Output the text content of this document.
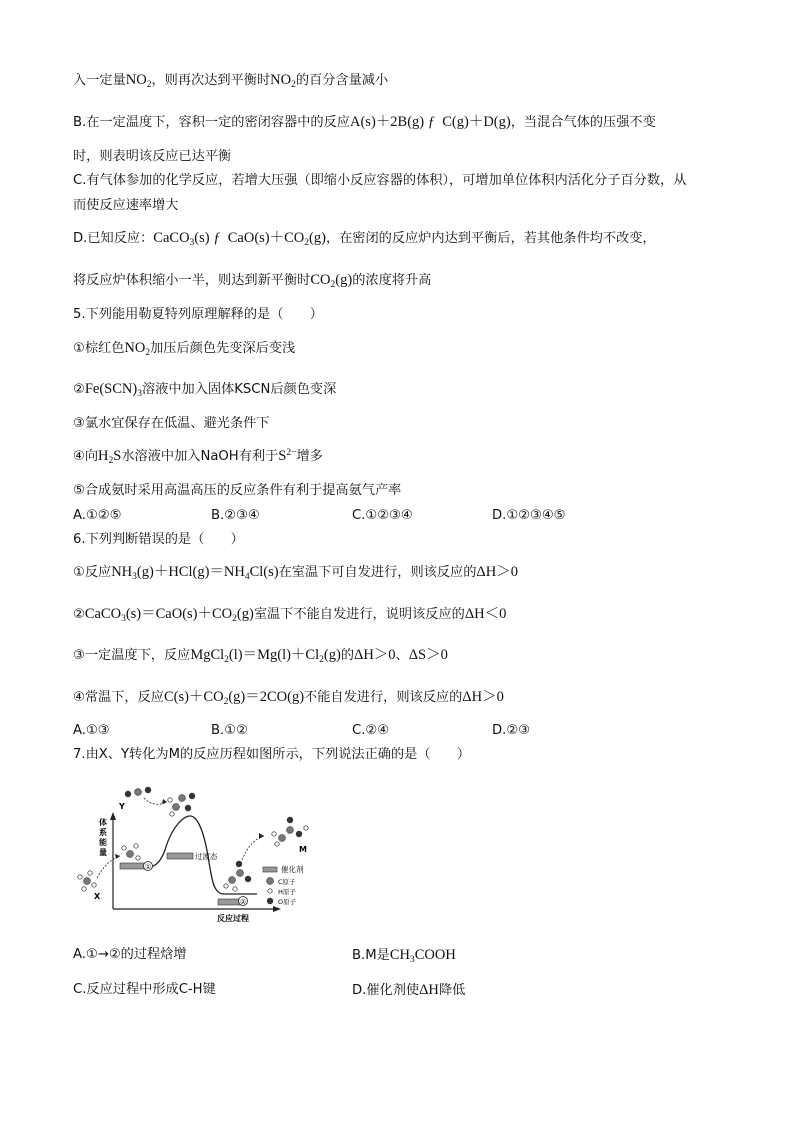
入一定量$NO_2$，则再次达到平衡时$NO_2$的百分含量减小
B.在一定温度下，容积一定的密闭容器中的反应A(s)＋2B(g) ƒ  C(g)＋D(g)，当混合气体的压强不变
时，则表明该反应已达平衡
C.有气体参加的化学反应，若增大压强（即缩小反应容器的体积），可增加单位体积内活化分子百分数，从
而使反应速率增大
D.已知反应：CaCO$_3$(s) ƒ  $CaO(s)+CO_2(g)$，在密闭的反应炉内达到平衡后，若其他条件均不改变，
将反应炉体积缩小一半，则达到新平衡时$CO_2(g)$的浓度将升高
5.下列能用勒夏特列原理解释的是（　　）
①棕红色$NO_2$加压后颜色先变深后变浅
$②Fe(SCN)_3$溶液中加入固体KSCN后颜色变深
③氯水宜保存在低温、避光条件下
④向$H_2S$水溶液中加入NaOH有利于$S^{2-}$增多
⑤合成氨时采用高温高压的反应条件有利于提高氨气产率
A.①②⑤	B.②③④	C.①②③④	D.①②③④⑤
6.下列判断错误的是（　　）
①反应$NH_3(g)+HCl(g)=NH_4Cl(s)$在室温下可自发进行，则该反应的ΔH＞0
$②CaCO_3(s)=CaO(s)+CO_2(g)$室温下不能自发进行，说明该反应的ΔH＜0
③一定温度下，反应$MgCl_2(l)=Mg(l)+Cl_2(g)$的ΔH＞0、ΔS＞0
④常温下，反应$C(s)+CO_2(g)=2CO(g)$不能自发进行，则该反应的ΔH＞0
A.①③	B.①②	C.②④	D.②③
7.由X、Y转化为M的反应历程如图所示，下列说法正确的是（　　）
体
系
能
量
反应过程
①
②
过渡态
Y
X
M
催化剂
C原子
H原子
O原子
A.①→②的过程焓增	B.M是$CH_3COOH$
C.反应过程中形成C-H键	D.催化剂使ΔH降低
